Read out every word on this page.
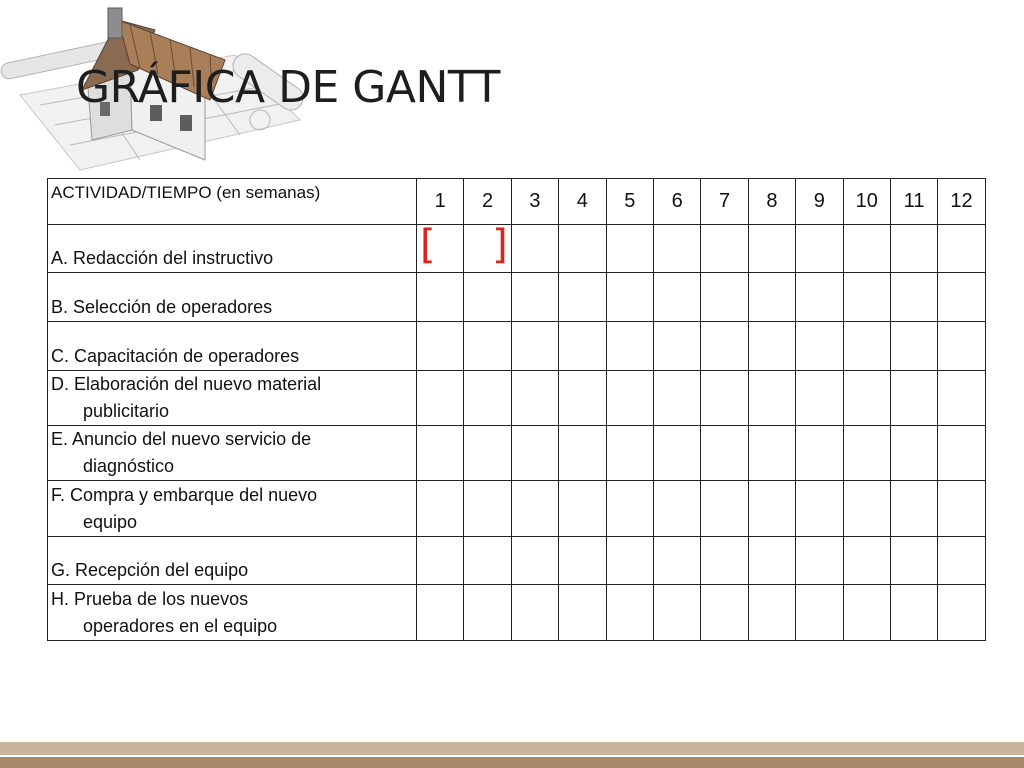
GRÁFICA DE GANTT
ACTIVIDAD/TIEMPO (en semanas)	1	2	3	4	5	6	7	8	9	10	11	12
A. Redacción del instructivo	[	]										

B. Selección de operadores												
C. Capacitación de operadores												
D. Elaboración del nuevo material
publicitario												

E. Anuncio del nuevo servicio de
diagnóstico												

F. Compra y embarque del nuevo
equipo												

G. Recepción del equipo												
H. Prueba de los nuevos
operadores en el equipo												
